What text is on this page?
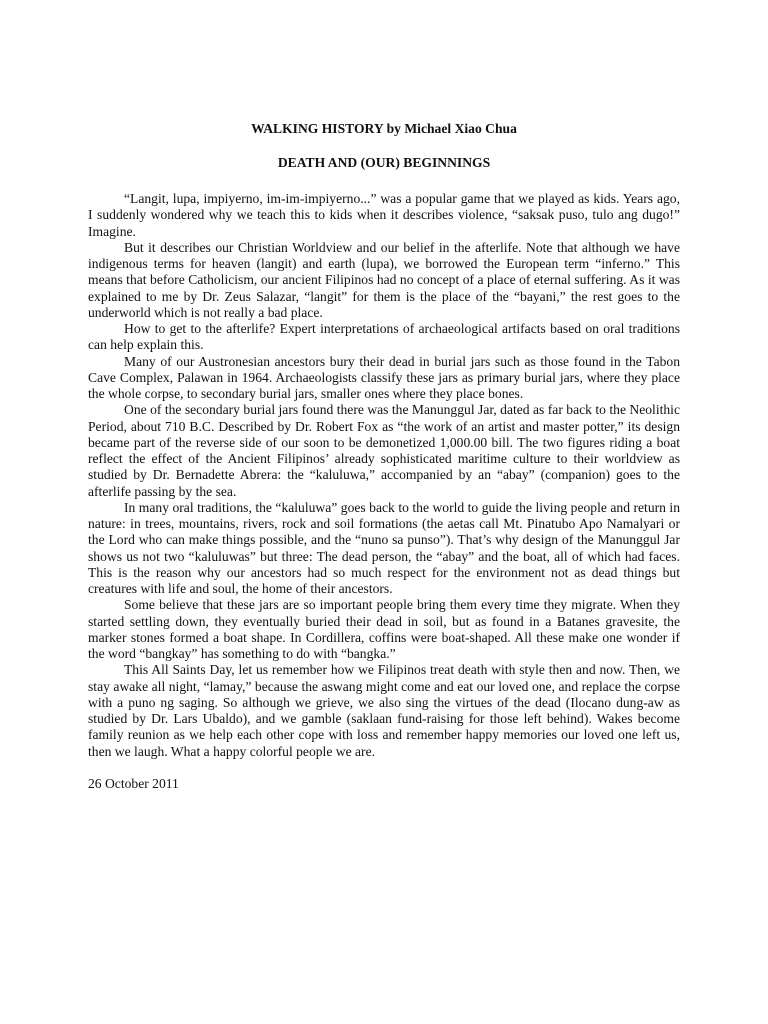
WALKING HISTORY by Michael Xiao Chua

DEATH AND (OUR) BEGINNINGS

“Langit, lupa, impiyerno, im-im-impiyerno...” was a popular game that we played as kids. Years ago, I suddenly wondered why we teach this to kids when it describes violence, “saksak puso, tulo ang dugo!” Imagine.

But it describes our Christian Worldview and our belief in the afterlife. Note that although we have indigenous terms for heaven (langit) and earth (lupa), we borrowed the European term “inferno.” This means that before Catholicism, our ancient Filipinos had no concept of a place of eternal suffering. As it was explained to me by Dr. Zeus Salazar, “langit” for them is the place of the “bayani,” the rest goes to the underworld which is not really a bad place.

How to get to the afterlife? Expert interpretations of archaeological artifacts based on oral traditions can help explain this.

Many of our Austronesian ancestors bury their dead in burial jars such as those found in the Tabon Cave Complex, Palawan in 1964. Archaeologists classify these jars as primary burial jars, where they place the whole corpse, to secondary burial jars, smaller ones where they place bones.

One of the secondary burial jars found there was the Manunggul Jar, dated as far back to the Neolithic Period, about 710 B.C. Described by Dr. Robert Fox as “the work of an artist and master potter,” its design became part of the reverse side of our soon to be demonetized 1,000.00 bill. The two figures riding a boat reflect the effect of the Ancient Filipinos’ already sophisticated maritime culture to their worldview as studied by Dr. Bernadette Abrera: the “kaluluwa,” accompanied by an “abay” (companion) goes to the afterlife passing by the sea.

In many oral traditions, the “kaluluwa” goes back to the world to guide the living people and return in nature: in trees, mountains, rivers, rock and soil formations (the aetas call Mt. Pinatubo Apo Namalyari or the Lord who can make things possible, and the “nuno sa punso”). That’s why design of the Manunggul Jar shows us not two “kaluluwas” but three: The dead person, the “abay” and the boat, all of which had faces. This is the reason why our ancestors had so much respect for the environment not as dead things but creatures with life and soul, the home of their ancestors.

Some believe that these jars are so important people bring them every time they migrate. When they started settling down, they eventually buried their dead in soil, but as found in a Batanes gravesite, the marker stones formed a boat shape. In Cordillera, coffins were boat-shaped. All these make one wonder if the word “bangkay” has something to do with “bangka.”

This All Saints Day, let us remember how we Filipinos treat death with style then and now. Then, we stay awake all night, “lamay,” because the aswang might come and eat our loved one, and replace the corpse with a puno ng saging. So although we grieve, we also sing the virtues of the dead (Ilocano dung-aw as studied by Dr. Lars Ubaldo), and we gamble (saklaan fund-raising for those left behind). Wakes become family reunion as we help each other cope with loss and remember happy memories our loved one left us, then we laugh. What a happy colorful people we are.

26 October 2011
